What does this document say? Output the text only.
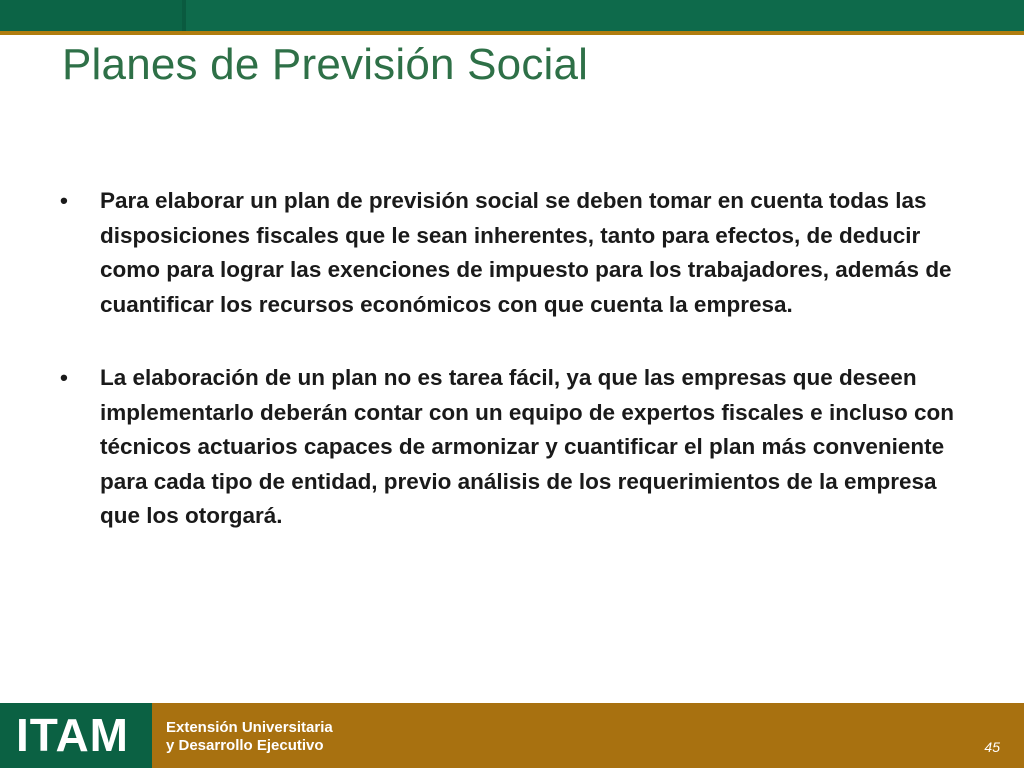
Planes de Previsión Social
• Para elaborar un plan de previsión social se deben tomar en cuenta todas las disposiciones fiscales que le sean inherentes, tanto para efectos, de deducir como para lograr las exenciones de impuesto para los trabajadores, además de cuantificar los recursos económicos con que cuenta la empresa.
• La elaboración de un plan no es tarea fácil, ya que las empresas que deseen implementarlo deberán contar con un equipo de expertos fiscales e incluso con técnicos actuarios capaces de armonizar y cuantificar el plan más conveniente para cada tipo de entidad, previo análisis de los requerimientos de la empresa que los otorgará.
ITAM Extensión Universitaria
y Desarrollo Ejecutivo	45
